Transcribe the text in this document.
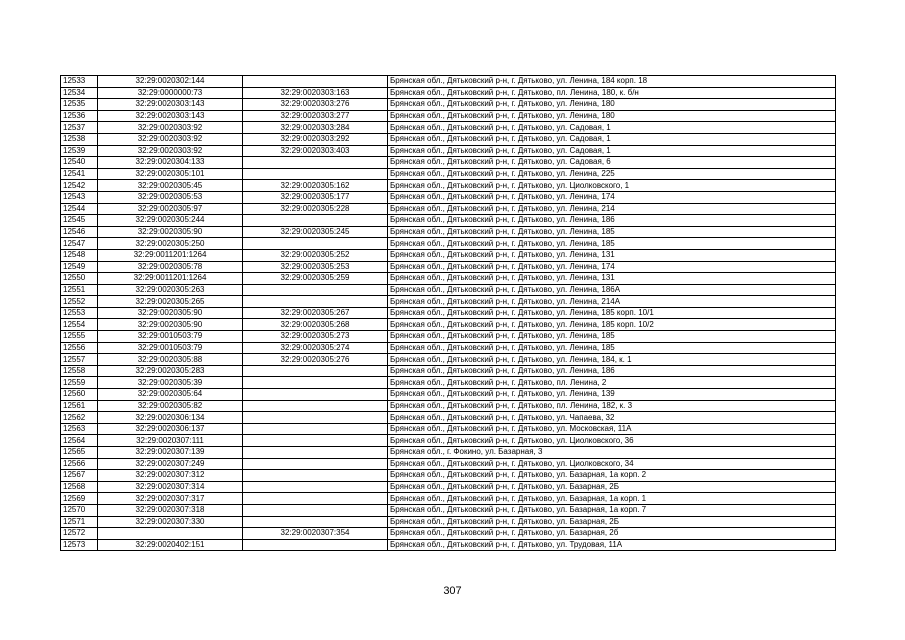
12533	32:29:0020302:144		Брянская обл., Дятьковский р-н, г. Дятьково, ул. Ленина, 184 корп. 18
12534	32:29:0000000:73	32:29:0020303:163	Брянская обл., Дятьковский р-н, г. Дятьково, пл. Ленина, 180, к. б/н
12535	32:29:0020303:143	32:29:0020303:276	Брянская обл., Дятьковский р-н, г. Дятьково, ул. Ленина, 180
12536	32:29:0020303:143	32:29:0020303:277	Брянская обл., Дятьковский р-н, г. Дятьково, ул. Ленина, 180
12537	32:29:0020303:92	32:29:0020303:284	Брянская обл., Дятьковский р-н, г. Дятьково, ул. Садовая, 1
12538	32:29:0020303:92	32:29:0020303:292	Брянская обл., Дятьковский р-н, г. Дятьково, ул. Садовая, 1
12539	32:29:0020303:92	32:29:0020303:403	Брянская обл., Дятьковский р-н, г. Дятьково, ул. Садовая, 1
12540	32:29:0020304:133		Брянская обл., Дятьковский р-н, г. Дятьково, ул. Садовая, 6
12541	32:29:0020305:101		Брянская обл., Дятьковский р-н, г. Дятьково, ул. Ленина, 225
12542	32:29:0020305:45	32:29:0020305:162	Брянская обл., Дятьковский р-н, г. Дятьково, ул. Циолковского, 1
12543	32:29:0020305:53	32:29:0020305:177	Брянская обл., Дятьковский р-н, г. Дятьково, ул. Ленина, 174
12544	32:29:0020305:97	32:29:0020305:228	Брянская обл., Дятьковский р-н, г. Дятьково, ул. Ленина, 214
12545	32:29:0020305:244		Брянская обл., Дятьковский р-н, г. Дятьково, ул. Ленина, 186
12546	32:29:0020305:90	32:29:0020305:245	Брянская обл., Дятьковский р-н, г. Дятьково, ул. Ленина, 185
12547	32:29:0020305:250		Брянская обл., Дятьковский р-н, г. Дятьково, ул. Ленина, 185
12548	32:29:0011201:1264	32:29:0020305:252	Брянская обл., Дятьковский р-н, г. Дятьково, ул. Ленина, 131
12549	32:29:0020305:78	32:29:0020305:253	Брянская обл., Дятьковский р-н, г. Дятьково, ул. Ленина, 174
12550	32:29:0011201:1264	32:29:0020305:259	Брянская обл., Дятьковский р-н, г. Дятьково, ул. Ленина, 131
12551	32:29:0020305:263		Брянская обл., Дятьковский р-н, г. Дятьково, ул. Ленина, 186А
12552	32:29:0020305:265		Брянская обл., Дятьковский р-н, г. Дятьково, ул. Ленина, 214А
12553	32:29:0020305:90	32:29:0020305:267	Брянская обл., Дятьковский р-н, г. Дятьково, ул. Ленина, 185 корп. 10/1
12554	32:29:0020305:90	32:29:0020305:268	Брянская обл., Дятьковский р-н, г. Дятьково, ул. Ленина, 185 корп. 10/2
12555	32:29:0010503:79	32:29:0020305:273	Брянская обл., Дятьковский р-н, г. Дятьково, ул. Ленина, 185
12556	32:29:0010503:79	32:29:0020305:274	Брянская обл., Дятьковский р-н, г. Дятьково, ул. Ленина, 185
12557	32:29:0020305:88	32:29:0020305:276	Брянская обл., Дятьковский р-н, г. Дятьково, ул. Ленина, 184, к. 1
12558	32:29:0020305:283		Брянская обл., Дятьковский р-н, г. Дятьково, ул. Ленина, 186
12559	32:29:0020305:39		Брянская обл., Дятьковский р-н, г. Дятьково, пл. Ленина, 2
12560	32:29:0020305:64		Брянская обл., Дятьковский р-н, г. Дятьково, ул. Ленина, 139
12561	32:29:0020305:82		Брянская обл., Дятьковский р-н, г. Дятьково, пл. Ленина, 182, к. 3
12562	32:29:0020306:134		Брянская обл., Дятьковский р-н, г. Дятьково, ул. Чапаева, 32
12563	32:29:0020306:137		Брянская обл., Дятьковский р-н, г. Дятьково, ул. Московская, 11А
12564	32:29:0020307:111		Брянская обл., Дятьковский р-н, г. Дятьково, ул. Циолковского, 36
12565	32:29:0020307:139		Брянская обл., г. Фокино, ул. Базарная, 3
12566	32:29:0020307:249		Брянская обл., Дятьковский р-н, г. Дятьково, ул. Циолковского, 34
12567	32:29:0020307:312		Брянская обл., Дятьковский р-н, г. Дятьково, ул. Базарная, 1а корп. 2
12568	32:29:0020307:314		Брянская обл., Дятьковский р-н, г. Дятьково, ул. Базарная, 2Б
12569	32:29:0020307:317		Брянская обл., Дятьковский р-н, г. Дятьково, ул. Базарная, 1а корп. 1
12570	32:29:0020307:318		Брянская обл., Дятьковский р-н, г. Дятьково, ул. Базарная, 1а корп. 7
12571	32:29:0020307:330		Брянская обл., Дятьковский р-н, г. Дятьково, ул. Базарная, 2Б
12572		32:29:0020307:354	Брянская обл., Дятьковский р-н, г. Дятьково, ул. Базарная, 2б
12573	32:29:0020402:151		Брянская обл., Дятьковский р-н, г. Дятьково, ул. Трудовая, 11А
307
